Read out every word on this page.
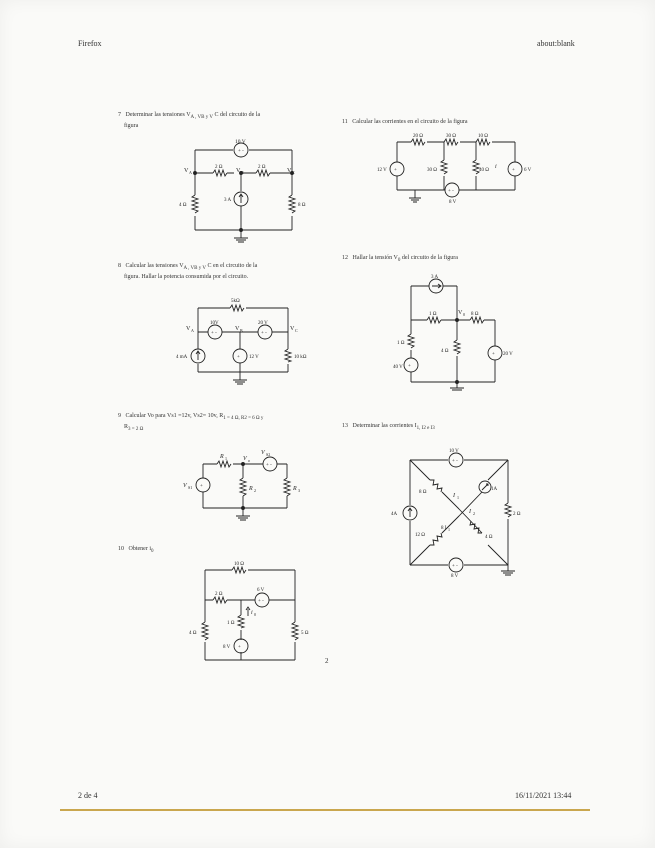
Firefox	about:blank
7 Determinar las tensiones $V_{A , VB y V}$ C del circuito de la
figura
11 Calcular las corrientes en el circuito de la figura
8 Calcular las tensiones $V_{A , VB y V}$ C en el circuito de la
figura. Hallar la potencia consumida por el circuito.
12 Hallar la tensión $V_0$ del circuito de la figura
9 Calcular Vo para Vs1 =12v, Vs2= 10v, $R_{1 = 4 \Omega, R2 = 6 \Omega y}$
$R_{3 = 2 \Omega}$
13 Determinar las corrientes $I_{1, I2 e I3}$
10 Obtener $i_0$
10 V
+ -
V A	V B	V C
2 Ω	2 Ω
4 Ω	8 Ω
3 A
+	+
+ -
20 Ω	30 Ω	10 Ω
12 V	30 Ω	40 Ω
i
6 V
8 V
+ -	+ -
+
5kΩ
V A	V B	V C
10V	20 V
4 mA	12 V	10 kΩ
+
+
3 A
1 Ω	V 0 8 Ω
1 Ω
4 Ω
20 V
40 V
+
+ -
R 1	V o
V S2
V S1	R 2	R 3
+ -
+ -
10 V
8 Ω
I 1
1A
I 2
4A	2 Ω
12 Ω
8 I 1
4 Ω
8 V
+ -
+
10 Ω
2 Ω
6 V
1 Ω
i 0
4 Ω	5 Ω
8 V
2
2 de 4	16/11/2021 13:44
